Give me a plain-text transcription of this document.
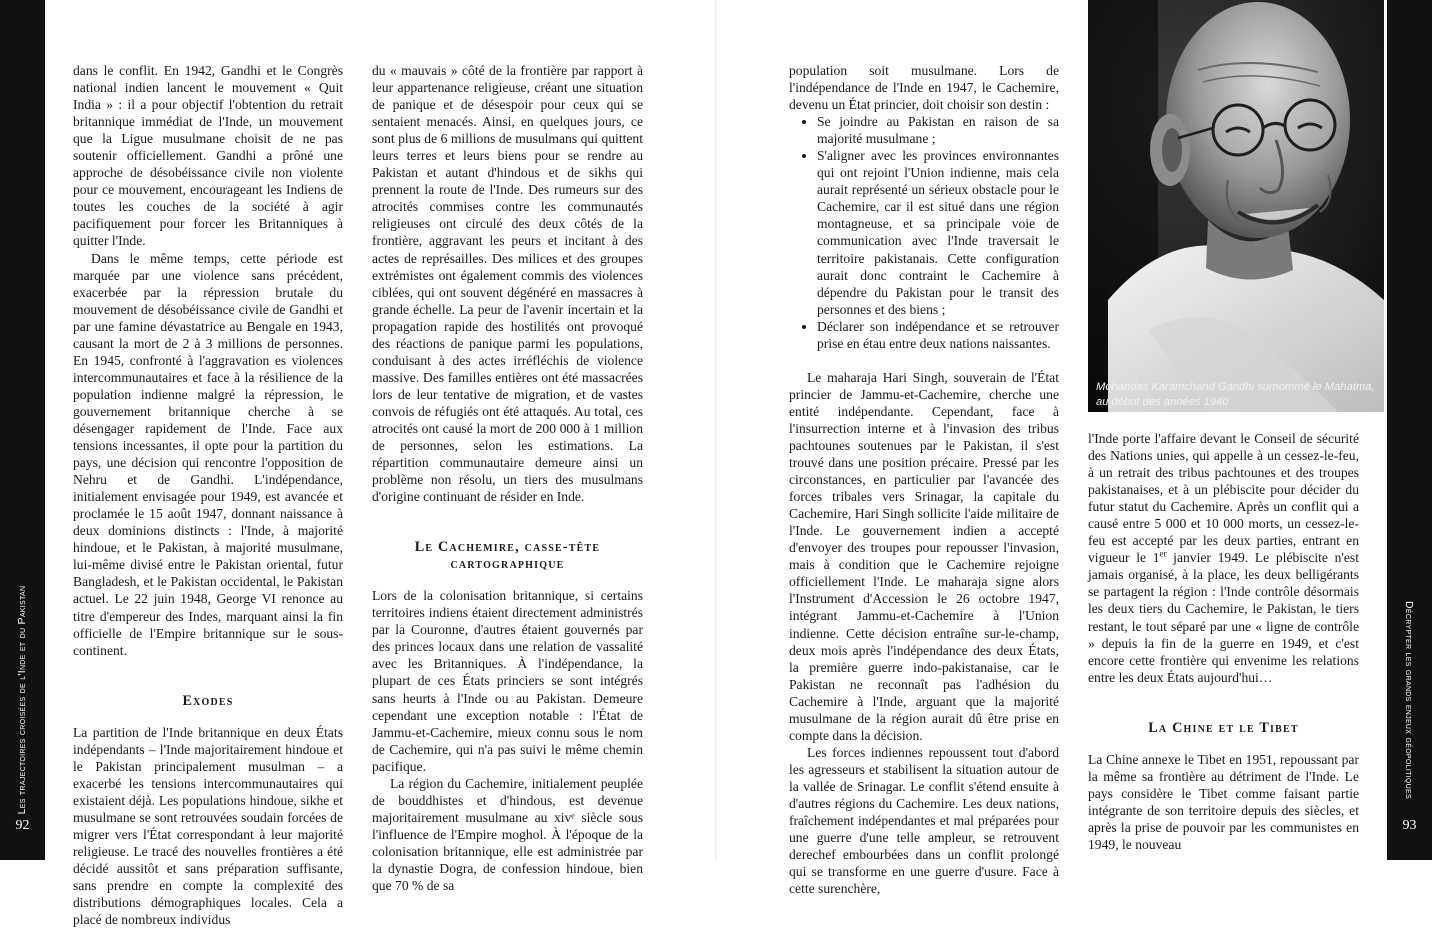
Les trajectoires croisées de l'Inde et du Pakistan
92

dans le conflit. En 1942, Gandhi et le Congrès national indien lancent le mouvement « Quit India » : il a pour objectif l'obtention du retrait britannique immédiat de l'Inde, un mouvement que la Ligue musulmane choisit de ne pas soutenir officiellement. Gandhi a prôné une approche de désobéissance civile non violente pour ce mouvement, encourageant les Indiens de toutes les couches de la société à agir pacifiquement pour forcer les Britanniques à quitter l'Inde.

Dans le même temps, cette période est marquée par une violence sans précédent, exacerbée par la répression brutale du mouvement de désobéissance civile de Gandhi et par une famine dévastatrice au Bengale en 1943, causant la mort de 2 à 3 millions de personnes. En 1945, confronté à l'aggravation es violences intercommunautaires et face à la résilience de la population indienne malgré la répression, le gouvernement britannique cherche à se désengager rapidement de l'Inde. Face aux tensions incessantes, il opte pour la partition du pays, une décision qui rencontre l'opposition de Nehru et de Gandhi. L'indépendance, initialement envisagée pour 1949, est avancée et proclamée le 15 août 1947, donnant naissance à deux dominions distincts : l'Inde, à majorité hindoue, et le Pakistan, à majorité musulmane, lui-même divisé entre le Pakistan oriental, futur Bangladesh, et le Pakistan occidental, le Pakistan actuel. Le 22 juin 1948, George VI renonce au titre d'empereur des Indes, marquant ainsi la fin officielle de l'Empire britannique sur le sous-continent.

Exodes

La partition de l'Inde britannique en deux États indépendants – l'Inde majoritairement hindoue et le Pakistan principalement musulman – a exacerbé les tensions intercommunautaires qui existaient déjà. Les populations hindoue, sikhe et musulmane se sont retrouvées soudain forcées de migrer vers l'État correspondant à leur majorité religieuse. Le tracé des nouvelles frontières a été décidé aussitôt et sans préparation suffisante, sans prendre en compte la complexité des distributions démographiques locales. Cela a placé de nombreux individus

du « mauvais » côté de la frontière par rapport à leur appartenance religieuse, créant une situation de panique et de désespoir pour ceux qui se sentaient menacés. Ainsi, en quelques jours, ce sont plus de 6 millions de musulmans qui quittent leurs terres et leurs biens pour se rendre au Pakistan et autant d'hindous et de sikhs qui prennent la route de l'Inde. Des rumeurs sur des atrocités commises contre les communautés religieuses ont circulé des deux côtés de la frontière, aggravant les peurs et incitant à des actes de représailles. Des milices et des groupes extrémistes ont également commis des violences ciblées, qui ont souvent dégénéré en massacres à grande échelle. La peur de l'avenir incertain et la propagation rapide des hostilités ont provoqué des réactions de panique parmi les populations, conduisant à des actes irréfléchis de violence massive. Des familles entières ont été massacrées lors de leur tentative de migration, et de vastes convois de réfugiés ont été attaqués. Au total, ces atrocités ont causé la mort de 200 000 à 1 million de personnes, selon les estimations. La répartition communautaire demeure ainsi un problème non résolu, un tiers des musulmans d'origine continuant de résider en Inde.

Le Cachemire, casse-tête cartographique

Lors de la colonisation britannique, si certains territoires indiens étaient directement administrés par la Couronne, d'autres étaient gouvernés par des princes locaux dans une relation de vassalité avec les Britanniques. À l'indépendance, la plupart de ces États princiers se sont intégrés sans heurts à l'Inde ou au Pakistan. Demeure cependant une exception notable : l'État de Jammu-et-Cachemire, mieux connu sous le nom de Cachemire, qui n'a pas suivi le même chemin pacifique.

La région du Cachemire, initialement peuplée de bouddhistes et d'hindous, est devenue majoritairement musulmane au xivᵉ siècle sous l'influence de l'Empire moghol. À l'époque de la colonisation britannique, elle est administrée par la dynastie Dogra, de confession hindoue, bien que 70 % de sa

population soit musulmane. Lors de l'indépendance de l'Inde en 1947, le Cachemire, devenu un État princier, doit choisir son destin :

• Se joindre au Pakistan en raison de sa majorité musulmane ;
• S'aligner avec les provinces environnantes qui ont rejoint l'Union indienne, mais cela aurait représenté un sérieux obstacle pour le Cachemire, car il est situé dans une région montagneuse, et sa principale voie de communication avec l'Inde traversait le territoire pakistanais. Cette configuration aurait donc contraint le Cachemire à dépendre du Pakistan pour le transit des personnes et des biens ;
• Déclarer son indépendance et se retrouver prise en étau entre deux nations naissantes.

Le maharaja Hari Singh, souverain de l'État princier de Jammu-et-Cachemire, cherche une entité indépendante. Cependant, face à l'insurrection interne et à l'invasion des tribus pachtounes soutenues par le Pakistan, il s'est trouvé dans une position précaire. Pressé par les circonstances, en particulier par l'avancée des forces tribales vers Srinagar, la capitale du Cachemire, Hari Singh sollicite l'aide militaire de l'Inde. Le gouvernement indien a accepté d'envoyer des troupes pour repousser l'invasion, mais à condition que le Cachemire rejoigne officiellement l'Inde. Le maharaja signe alors l'Instrument d'Accession le 26 octobre 1947, intégrant Jammu-et-Cachemire à l'Union indienne. Cette décision entraîne sur-le-champ, deux mois après l'indépendance des deux États, la première guerre indo-pakistanaise, car le Pakistan ne reconnaît pas l'adhésion du Cachemire à l'Inde, arguant que la majorité musulmane de la région aurait dû être prise en compte dans la décision.

Les forces indiennes repoussent tout d'abord les agresseurs et stabilisent la situation autour de la vallée de Srinagar. Le conflit s'étend ensuite à d'autres régions du Cachemire. Les deux nations, fraîchement indépendantes et mal préparées pour une guerre d'une telle ampleur, se retrouvent derechef embourbées dans un conflit prolongé qui se transforme en une guerre d'usure. Face à cette surenchère,

Mohandas Karamchand Gandhi surnommé le Mahatma, au début des années 1940

l'Inde porte l'affaire devant le Conseil de sécurité des Nations unies, qui appelle à un cessez-le-feu, à un retrait des tribus pachtounes et des troupes pakistanaises, et à un plébiscite pour décider du futur statut du Cachemire. Après un conflit qui a causé entre 5 000 et 10 000 morts, un cessez-le-feu est accepté par les deux parties, entrant en vigueur le 1er janvier 1949. Le plébiscite n'est jamais organisé, à la place, les deux belligérants se partagent la région : l'Inde contrôle désormais les deux tiers du Cachemire, le Pakistan, le tiers restant, le tout séparé par une « ligne de contrôle » depuis la fin de la guerre en 1949, et c'est encore cette frontière qui envenime les relations entre les deux États aujourd'hui…

La Chine et le Tibet

La Chine annexe le Tibet en 1951, repoussant par la même sa frontière au détriment de l'Inde. Le pays considère le Tibet comme faisant partie intégrante de son territoire depuis des siècles, et après la prise de pouvoir par les communistes en 1949, le nouveau

Décrypter les grands enjeux géopolitiques
93
